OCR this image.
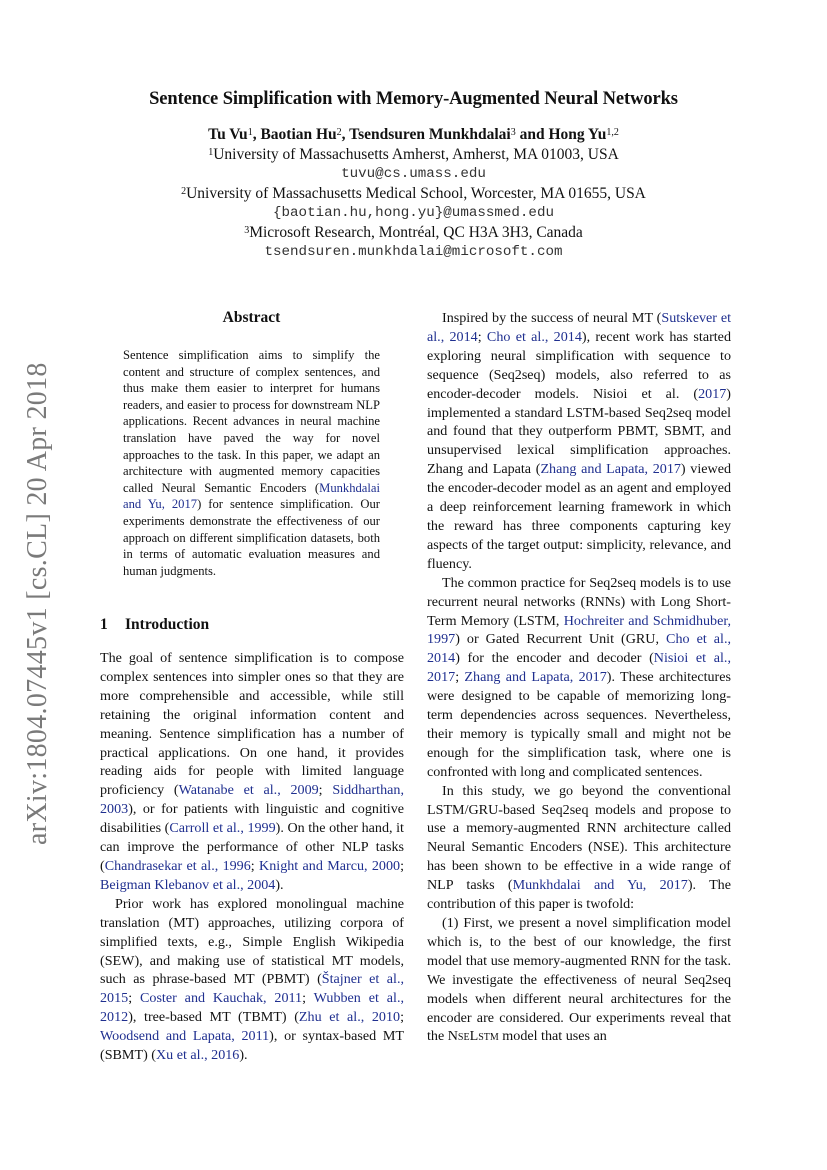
arXiv:1804.07445v1 [cs.CL] 20 Apr 2018
Sentence Simplification with Memory-Augmented Neural Networks
Tu Vu$^1$, Baotian Hu$^2$, Tsendsuren Munkhdalai$^3$ and Hong Yu$^{1,2}$
$^1$University of Massachusetts Amherst, Amherst, MA 01003, USA
tuvu@cs.umass.edu
$^2$University of Massachusetts Medical School, Worcester, MA 01655, USA
{baotian.hu,hong.yu}@umassmed.edu
$^3$Microsoft Research, Montréal, QC H3A 3H3, Canada
tsendsuren.munkhdalai@microsoft.com
Abstract
Sentence simplification aims to simplify the content and structure of complex sentences, and thus make them easier to interpret for humans readers, and easier to process for downstream NLP applications. Recent advances in neural machine translation have paved the way for novel approaches to the task. In this paper, we adapt an architecture with augmented memory capacities called Neural Semantic Encoders (Munkhdalai and Yu, 2017) for sentence simplification. Our experiments demonstrate the effectiveness of our approach on different simplification datasets, both in terms of automatic evaluation measures and human judgments.
1 Introduction

The goal of sentence simplification is to compose complex sentences into simpler ones so that they are more comprehensible and accessible, while still retaining the original information content and meaning. Sentence simplification has a number of practical applications. On one hand, it provides reading aids for people with limited language proficiency (Watanabe et al., 2009; Siddharthan, 2003), or for patients with linguistic and cognitive disabilities (Carroll et al., 1999). On the other hand, it can improve the performance of other NLP tasks (Chandrasekar et al., 1996; Knight and Marcu, 2000; Beigman Klebanov et al., 2004).

Prior work has explored monolingual machine translation (MT) approaches, utilizing corpora of simplified texts, e.g., Simple English Wikipedia (SEW), and making use of statistical MT models, such as phrase-based MT (PBMT) (Štajner et al., 2015; Coster and Kauchak, 2011; Wubben et al., 2012), tree-based MT (TBMT) (Zhu et al., 2010; Woodsend and Lapata, 2011), or syntax-based MT (SBMT) (Xu et al., 2016).

Inspired by the success of neural MT (Sutskever et al., 2014; Cho et al., 2014), recent work has started exploring neural simplification with sequence to sequence (Seq2seq) models, also referred to as encoder-decoder models. Nisioi et al. (2017) implemented a standard LSTM-based Seq2seq model and found that they outperform PBMT, SBMT, and unsupervised lexical simplification approaches. Zhang and Lapata (Zhang and Lapata, 2017) viewed the encoder-decoder model as an agent and employed a deep reinforcement learning framework in which the reward has three components capturing key aspects of the target output: simplicity, relevance, and fluency.

The common practice for Seq2seq models is to use recurrent neural networks (RNNs) with Long Short-Term Memory (LSTM, Hochreiter and Schmidhuber, 1997) or Gated Recurrent Unit (GRU, Cho et al., 2014) for the encoder and decoder (Nisioi et al., 2017; Zhang and Lapata, 2017). These architectures were designed to be capable of memorizing long-term dependencies across sequences. Nevertheless, their memory is typically small and might not be enough for the simplification task, where one is confronted with long and complicated sentences.

In this study, we go beyond the conventional LSTM/GRU-based Seq2seq models and propose to use a memory-augmented RNN architecture called Neural Semantic Encoders (NSE). This architecture has been shown to be effective in a wide range of NLP tasks (Munkhdalai and Yu, 2017). The contribution of this paper is twofold:

(1) First, we present a novel simplification model which is, to the best of our knowledge, the first model that use memory-augmented RNN for the task. We investigate the effectiveness of neural Seq2seq models when different neural architectures for the encoder are considered. Our experiments reveal that the NseLstm model that uses an
